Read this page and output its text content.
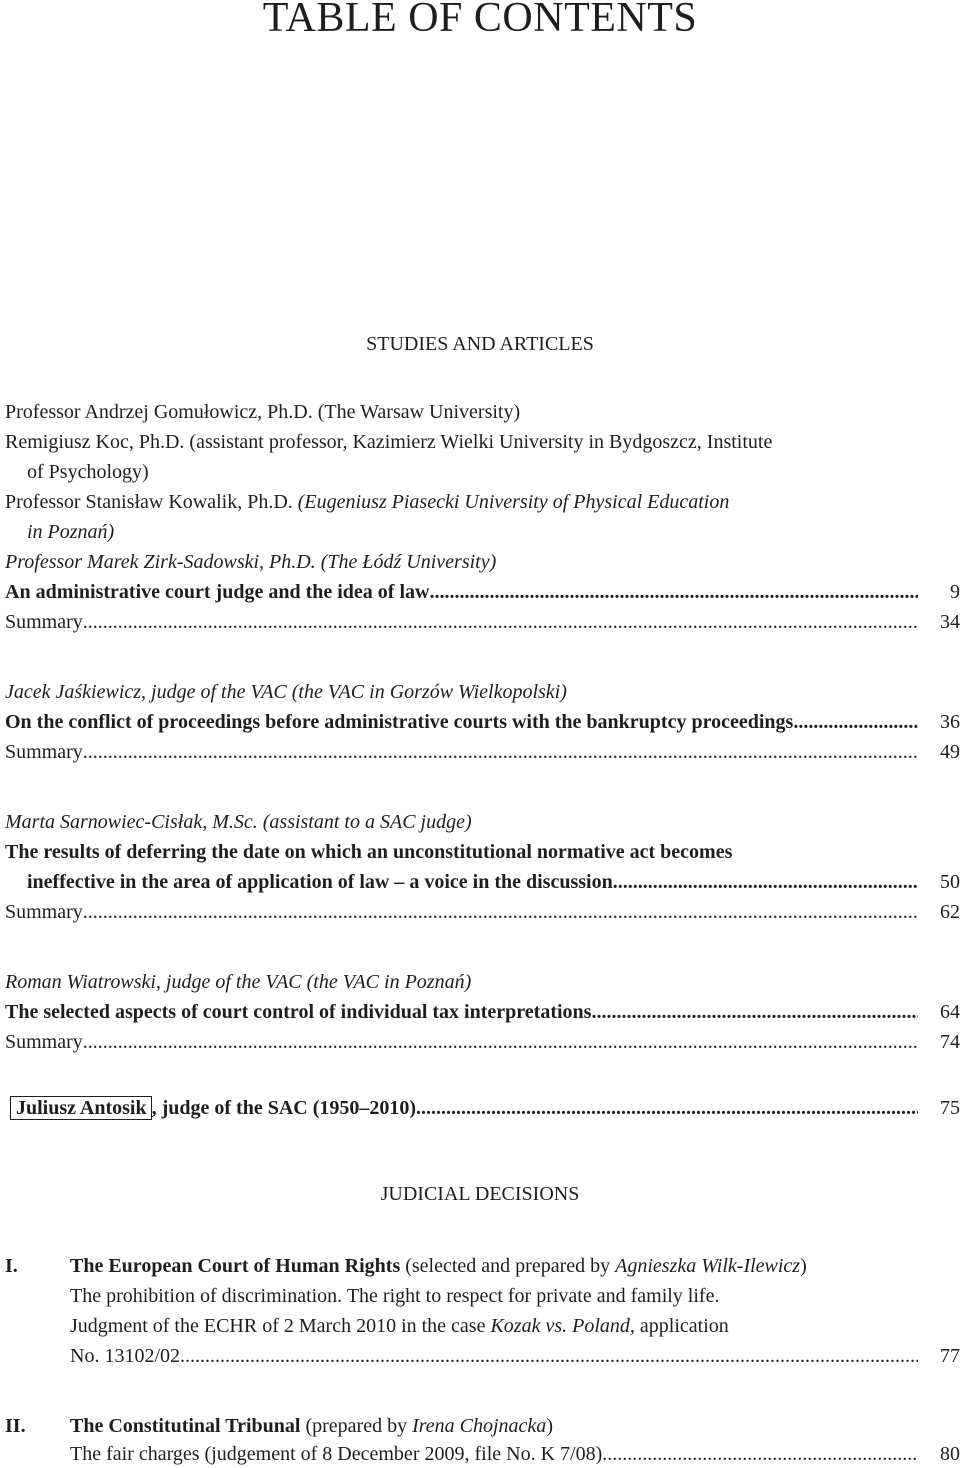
TABLE OF CONTENTS
STUDIES AND ARTICLES
Professor Andrzej Gomułowicz, Ph.D. (The Warsaw University)
Remigiusz Koc, Ph.D. (assistant professor, Kazimierz Wielki University in Bydgoszcz, Institute
of Psychology)
Professor Stanisław Kowalik, Ph.D. (Eugeniusz Piasecki University of Physical Education
in Poznań)
Professor Marek Zirk-Sadowski, Ph.D. (The Łódź University)
An administrative court judge and the idea of law .....	9
Summary .....	34
Jacek Jaśkiewicz, judge of the VAC (the VAC in Gorzów Wielkopolski)
On the conflict of proceedings before administrative courts with the bankruptcy proceedings .....	36
Summary .....	49
Marta Sarnowiec-Cisłak, M.Sc. (assistant to a SAC judge)
The results of deferring the date on which an unconstitutional normative act becomes
ineffective in the area of application of law – a voice in the discussion .....	50
Summary .....	62
Roman Wiatrowski, judge of the VAC (the VAC in Poznań)
The selected aspects of court control of individual tax interpretations .....	64
Summary .....	74
Juliusz Antosik , judge of the SAC (1950–2010) .....	75
JUDICIAL DECISIONS
I.	The European Court of Human Rights (selected and prepared by Agnieszka Wilk-Ilewicz)
The prohibition of discrimination. The right to respect for private and family life.
Judgment of the ECHR of 2 March 2010 in the case Kozak vs. Poland, application
No. 13102/02 .....	77
II. The Constitutinal Tribunal (prepared by Irena Chojnacka)
The fair charges (judgement of 8 December 2009, file No. K 7/08) .....	80
